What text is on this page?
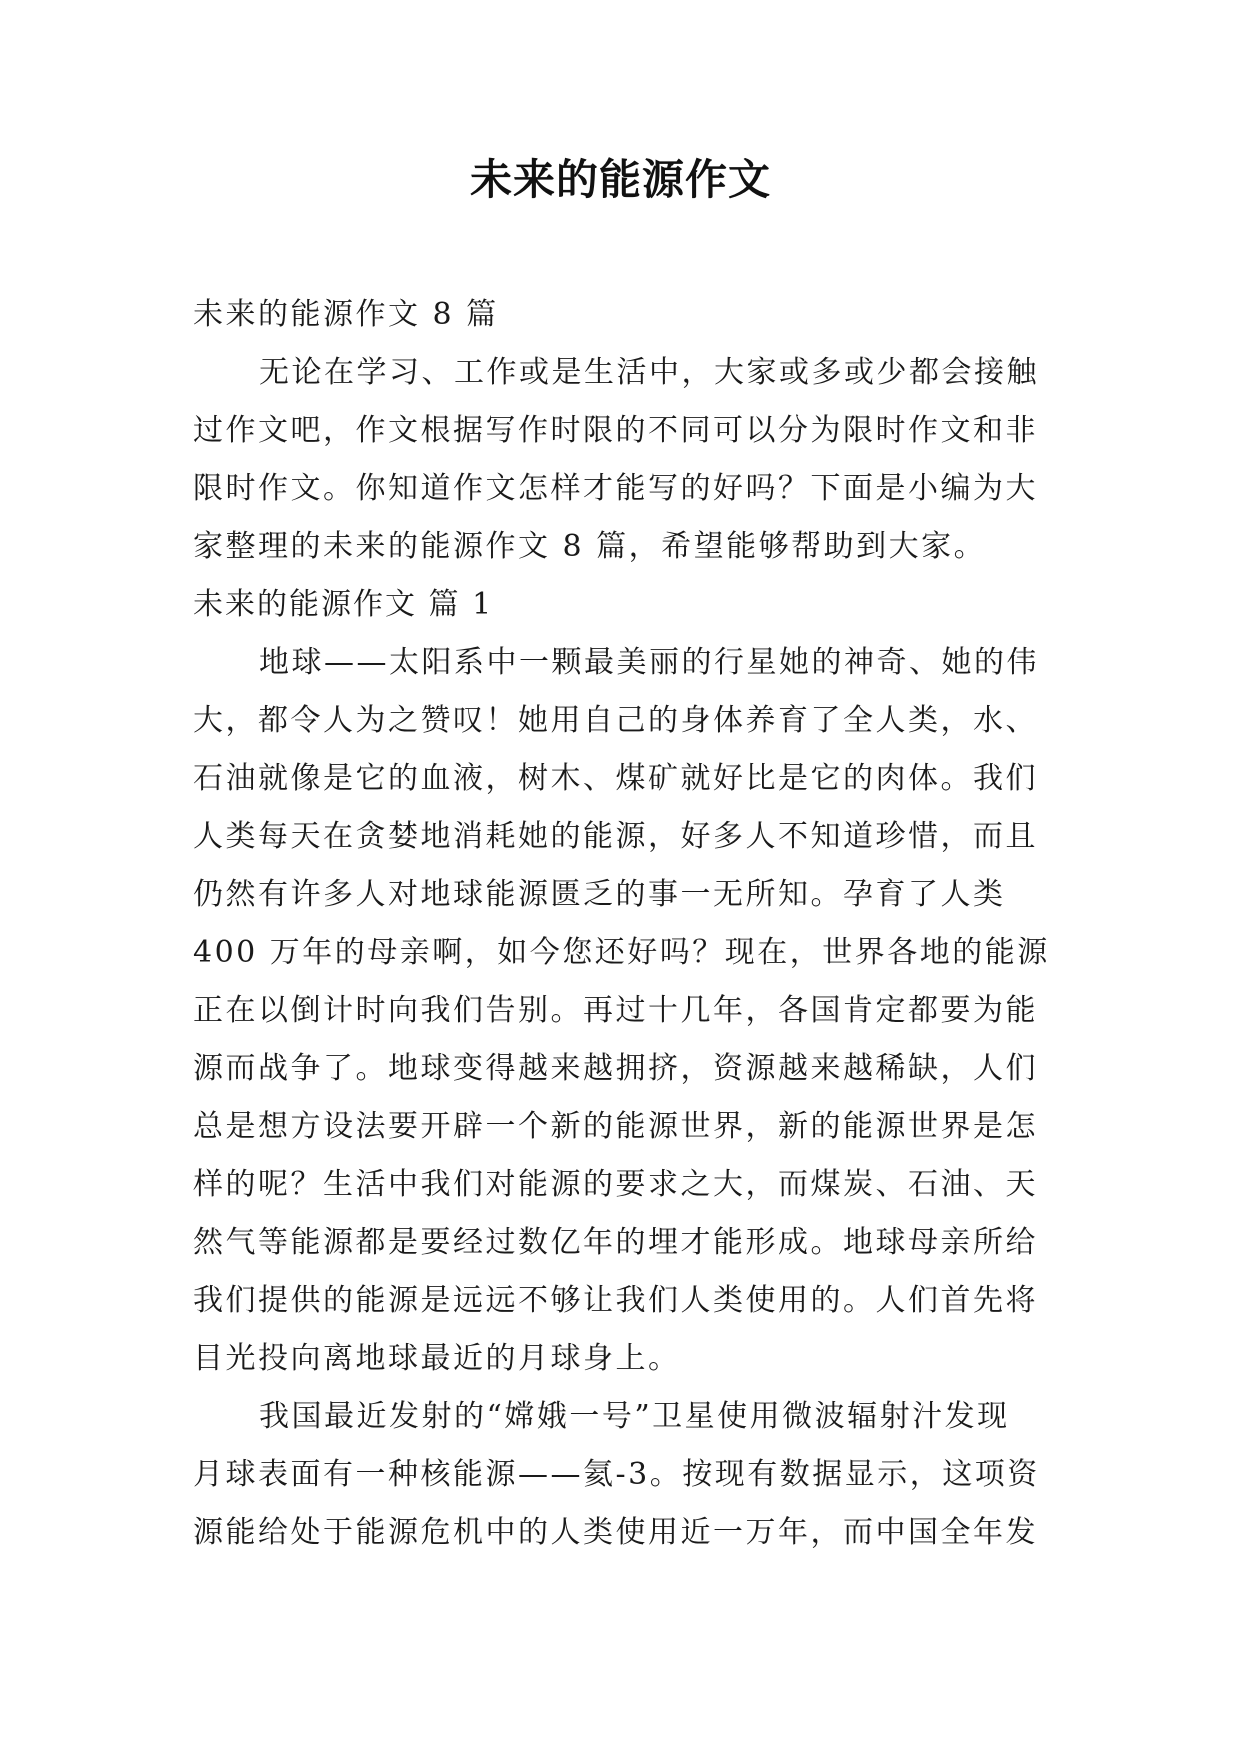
未来的能源作文

未来的能源作文 8 篇

无论在学习、工作或是生活中，大家或多或少都会接触

过作文吧，作文根据写作时限的不同可以分为限时作文和非

限时作文。你知道作文怎样才能写的好吗？下面是小编为大

家整理的未来的能源作文 8 篇，希望能够帮助到大家。

未来的能源作文 篇 1

地球——太阳系中一颗最美丽的行星她的神奇、她的伟

大，都令人为之赞叹！她用自己的身体养育了全人类，水、

石油就像是它的血液，树木、煤矿就好比是它的肉体。我们

人类每天在贪婪地消耗她的能源，好多人不知道珍惜，而且

仍然有许多人对地球能源匮乏的事一无所知。孕育了人类

400 万年的母亲啊，如今您还好吗？现在，世界各地的能源

正在以倒计时向我们告别。再过十几年，各国肯定都要为能

源而战争了。地球变得越来越拥挤，资源越来越稀缺，人们

总是想方设法要开辟一个新的能源世界，新的能源世界是怎

样的呢？生活中我们对能源的要求之大，而煤炭、石油、天

然气等能源都是要经过数亿年的埋才能形成。地球母亲所给

我们提供的能源是远远不够让我们人类使用的。人们首先将

目光投向离地球最近的月球身上。

我国最近发射的“嫦娥一号”卫星使用微波辐射汁发现

月球表面有一种核能源——氦-3。按现有数据显示，这项资

源能给处于能源危机中的人类使用近一万年，而中国全年发
